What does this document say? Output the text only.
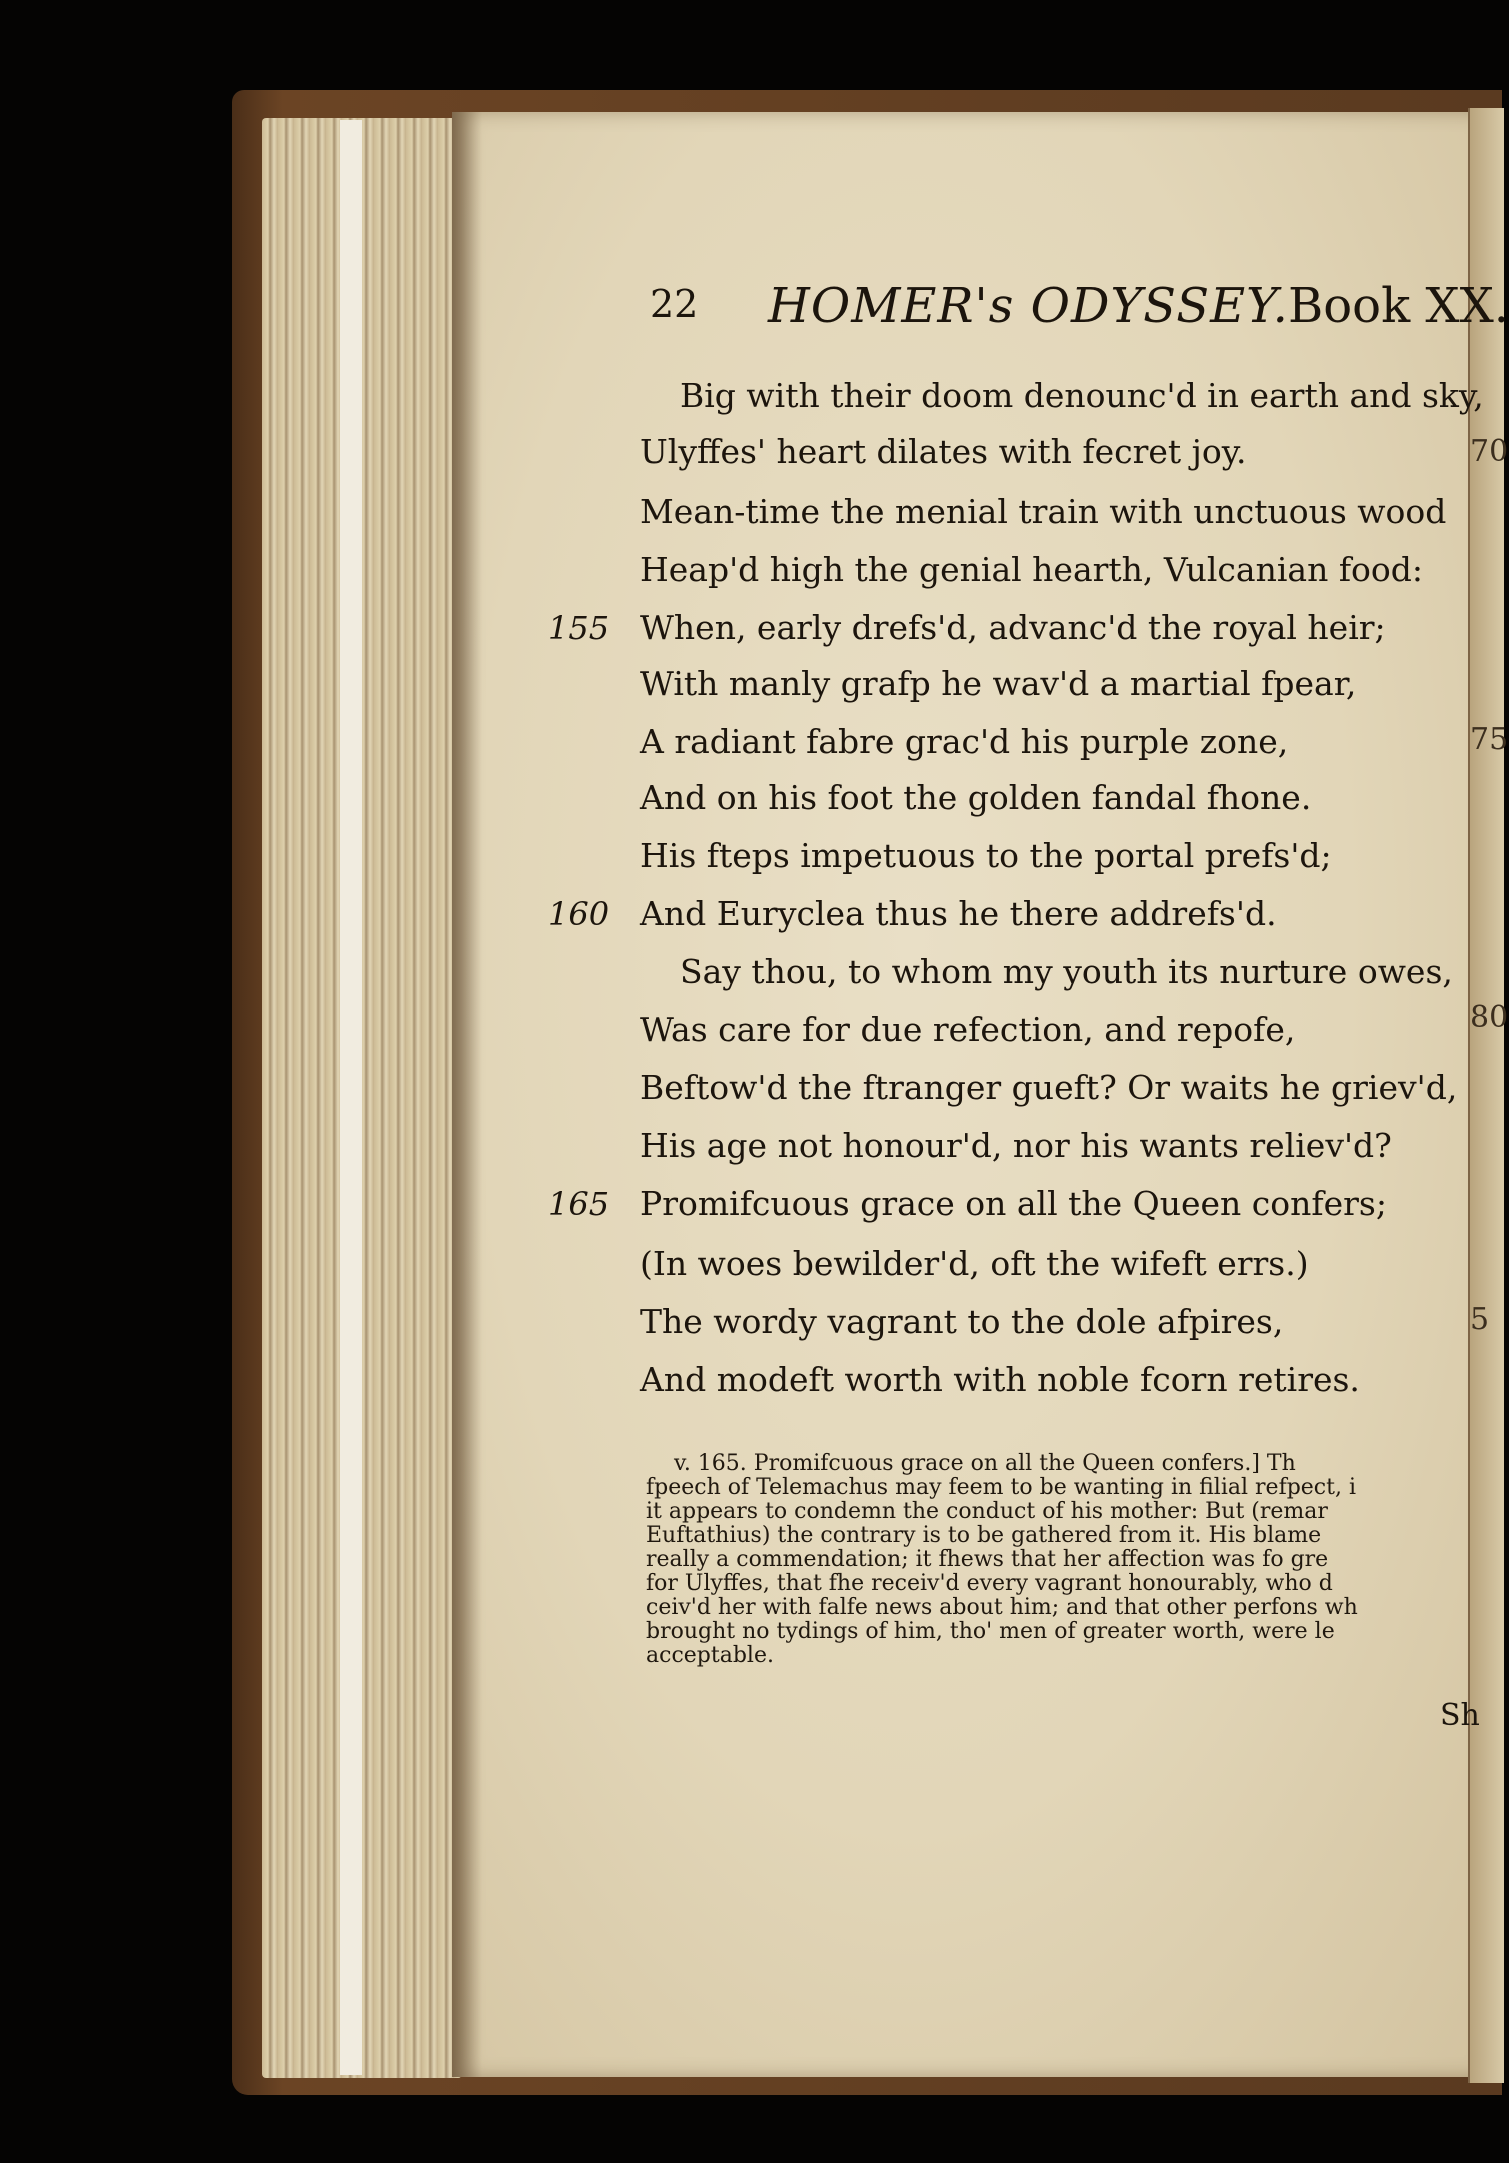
22 HOMER's ODYSSEY. Book XX.
Big with their doom denounc'd in earth and sky,
Ulyffes' heart dilates with fecret joy.
Mean-time the menial train with unctuous wood
Heap'd high the genial hearth, Vulcanian food:
155 When, early drefs'd, advanc'd the royal heir;
With manly grafp he wav'd a martial fpear,
A radiant fabre grac'd his purple zone,
And on his foot the golden fandal fhone.
His fteps impetuous to the portal prefs'd;
160 And Euryclea thus he there addrefs'd.
Say thou, to whom my youth its nurture owes,
Was care for due refection, and repofe,
Beftow'd the ftranger gueft? Or waits he griev'd,
His age not honour'd, nor his wants reliev'd?
165 Promifcuous grace on all the Queen confers;
(In woes bewilder'd, oft the wifeft errs.)
The wordy vagrant to the dole afpires,
And modeft worth with noble fcorn retires.
v. 165. Promifcuous grace on all the Queen confers.] Th
fpeech of Telemachus may feem to be wanting in filial refpect, i
it appears to condemn the conduct of his mother: But (remar
Euftathius) the contrary is to be gathered from it. His blame
really a commendation; it fhews that her affection was fo gre
for Ulyffes, that fhe receiv'd every vagrant honourably, who d
ceiv'd her with falfe news about him; and that other perfons wh
brought no tydings of him, tho' men of greater worth, were le
acceptable.
Sh
70
75
80
5
